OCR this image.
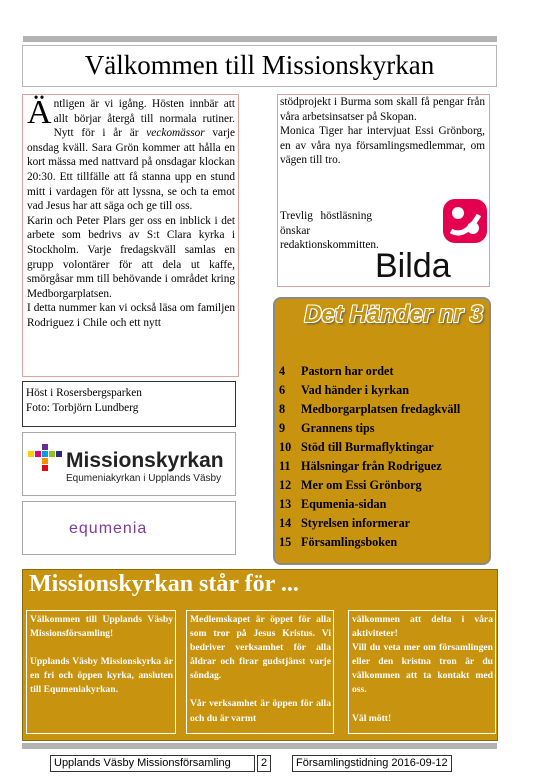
Välkommen till Missionskyrkan

Äntligen är vi igång. Hösten innbär att allt börjar återgå till normala rutiner. Nytt för i år är veckomässor varje onsdag kväll. Sara Grön kommer att hålla en kort mässa med nattvard på onsdagar klockan 20:30. Ett tillfälle att få stanna upp en stund mitt i vardagen för att lyssna, se och ta emot vad Jesus har att säga och ge till oss.

Karin och Peter Plars ger oss en inblick i det arbete som bedrivs av S:t Clara kyrka i Stockholm. Varje fredagskväll samlas en grupp volontärer för att dela ut kaffe, smörgåsar mm till behövande i området kring Medborgarplatsen.

I detta nummer kan vi också läsa om familjen Rodriguez i Chile och ett nytt

stödprojekt i Burma som skall få pengar från våra arbetsinsatser på Skopan.

Monica Tiger har intervjuat Essi Grönborg, en av våra nya församlingsmedlemmar, om vägen till tro.

Trevlig höstläsning önskar redaktionskommitten.
Bilda
Höst i Rosersbergsparken
Foto: Torbjörn Lundberg
Missionskyrkan
Equmeniakyrkan i Upplands Väsby
equmenia
Det Händer nr 3
4 Pastorn har ordet
6 Vad händer i kyrkan
8 Medborgarplatsen fredagkväll
9 Grannens tips
10 Stöd till Burmaflyktingar
11 Hälsningar från Rodriguez
12 Mer om Essi Grönborg
13 Equmenia-sidan
14 Styrelsen informerar
15 Församlingsboken
Missionskyrkan står för ...

Välkommen till Upplands Väsby Missionsförsamling!

Upplands Väsby Missionskyrka är en fri och öppen kyrka, ansluten till Equmeniakyrkan.

Medlemskapet är öppet för alla som tror på Jesus Kristus. Vi bedriver verksamhet för alla åldrar och firar gudstjänst varje söndag.

Vår verksamhet är öppen för alla och du är varmt

välkommen att delta i våra aktiviteter!

Vill du veta mer om församlingen eller den kristna tron är du välkommen att ta kontakt med oss.

Väl mött!

Upplands Väsby Missionsförsamling	2	Församlingstidning 2016-09-12
